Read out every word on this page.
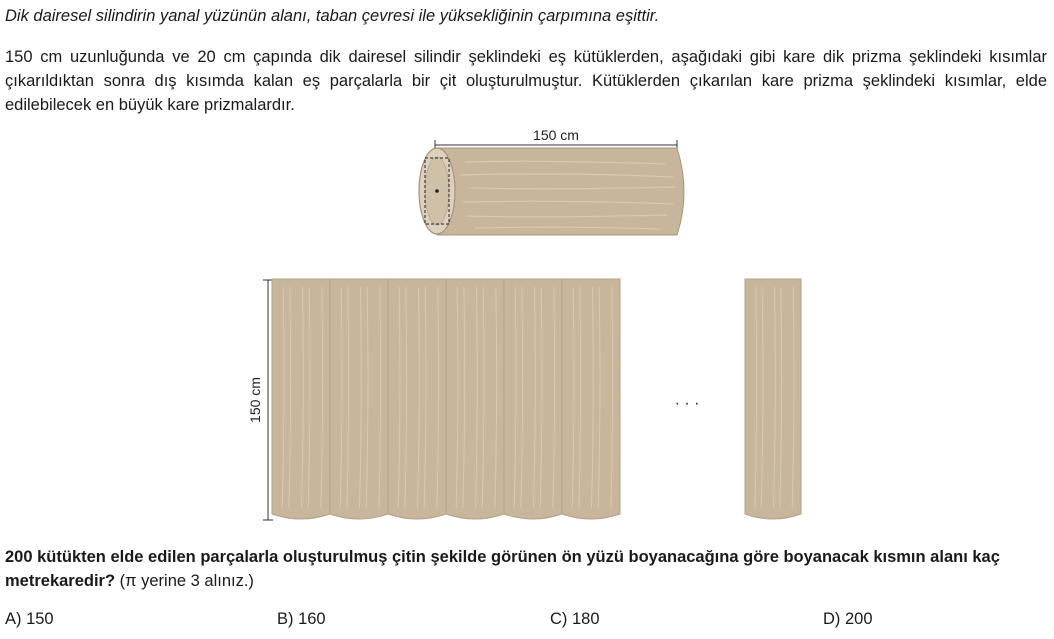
Dik dairesel silindirin yanal yüzünün alanı, taban çevresi ile yüksekliğinin çarpımına eşittir.
150 cm uzunluğunda ve 20 cm çapında dik dairesel silindir şeklindeki eş kütüklerden, aşağıdaki gibi kare dik prizma şeklindeki kısımlar çıkarıldıktan sonra dış kısımda kalan eş parçalarla bir çit oluşturulmuştur. Kütüklerden çıkarılan kare prizma şeklindeki kısımlar, elde edilebilecek en büyük kare prizmalardır.
150 cm
150 cm	· · ·
200 kütükten elde edilen parçalarla oluşturulmuş çitin şekilde görünen ön yüzü boyanacağına göre boyanacak kısmın alanı kaç metrekaredir? (π yerine 3 alınız.)
A) 150	B) 160	C) 180	D) 200
